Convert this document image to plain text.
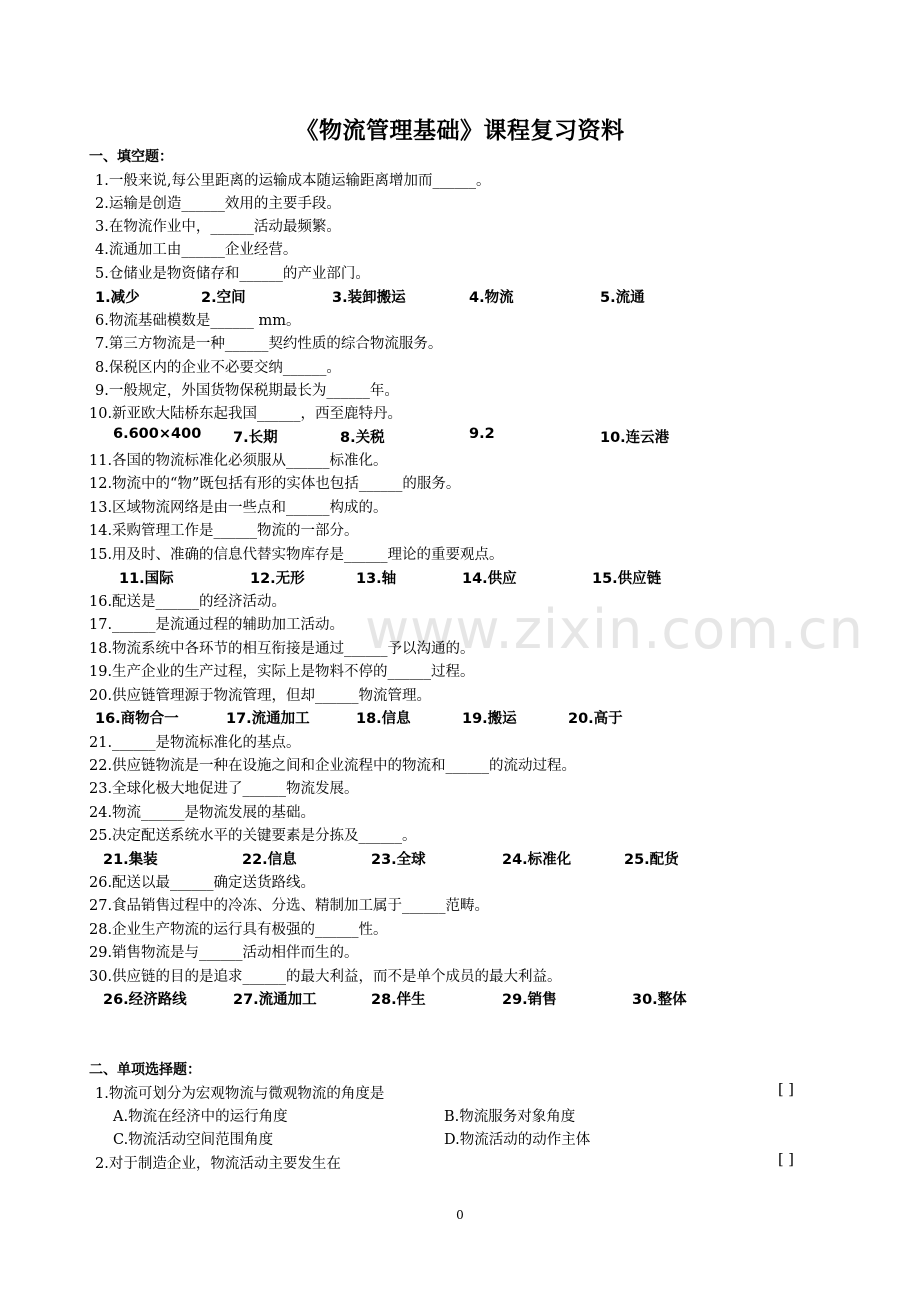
www.zixin.com.cn
《物流管理基础》课程复习资料
一、填空题：
1.一般来说,每公里距离的运输成本随运输距离增加而______。
2.运输是创造______效用的主要手段。
3.在物流作业中，______活动最频繁。
4.流通加工由______企业经营。
5.仓储业是物资储存和______的产业部门。
1.减少	2.空间	3.装卸搬运	4.物流	5.流通
6.物流基础模数是______ mm。
7.第三方物流是一种______契约性质的综合物流服务。
8.保税区内的企业不必要交纳______。
9.一般规定，外国货物保税期最长为______年。
10.新亚欧大陆桥东起我国______，西至鹿特丹。
6.600×400 7.长期	8.关税	9.2	10.连云港
11.各国的物流标准化必须服从______标准化。
12.物流中的“物”既包括有形的实体也包括______的服务。
13.区域物流网络是由一些点和______构成的。
14.采购管理工作是______物流的一部分。
15.用及时、准确的信息代替实物库存是______理论的重要观点。
11.国际	12.无形	13.轴	14.供应	15.供应链
16.配送是______的经济活动。
17.______是流通过程的辅助加工活动。
18.物流系统中各环节的相互衔接是通过______予以沟通的。
19.生产企业的生产过程，实际上是物料不停的______过程。
20.供应链管理源于物流管理，但却______物流管理。
16.商物合一	17.流通加工	18.信息	19.搬运	20.高于
21.______是物流标准化的基点。
22.供应链物流是一种在设施之间和企业流程中的物流和______的流动过程。
23.全球化极大地促进了______物流发展。
24.物流______是物流发展的基础。
25.决定配送系统水平的关键要素是分拣及______。
21.集装	22.信息	23.全球	24.标准化	25.配货
26.配送以最______确定送货路线。
27.食品销售过程中的冷冻、分选、精制加工属于______范畴。
28.企业生产物流的运行具有极强的______性。
29.销售物流是与______活动相伴而生的。
30.供应链的目的是追求______的最大利益，而不是单个成员的最大利益。
26.经济路线	27.流通加工	28.伴生	29.销售	30.整体
二、单项选择题：
1.物流可划分为宏观物流与微观物流的角度是	[ ]
A.物流在经济中的运行角度	B.物流服务对象角度
C.物流活动空间范围角度	D.物流活动的动作主体
2.对于制造企业，物流活动主要发生在	[ ]
0
